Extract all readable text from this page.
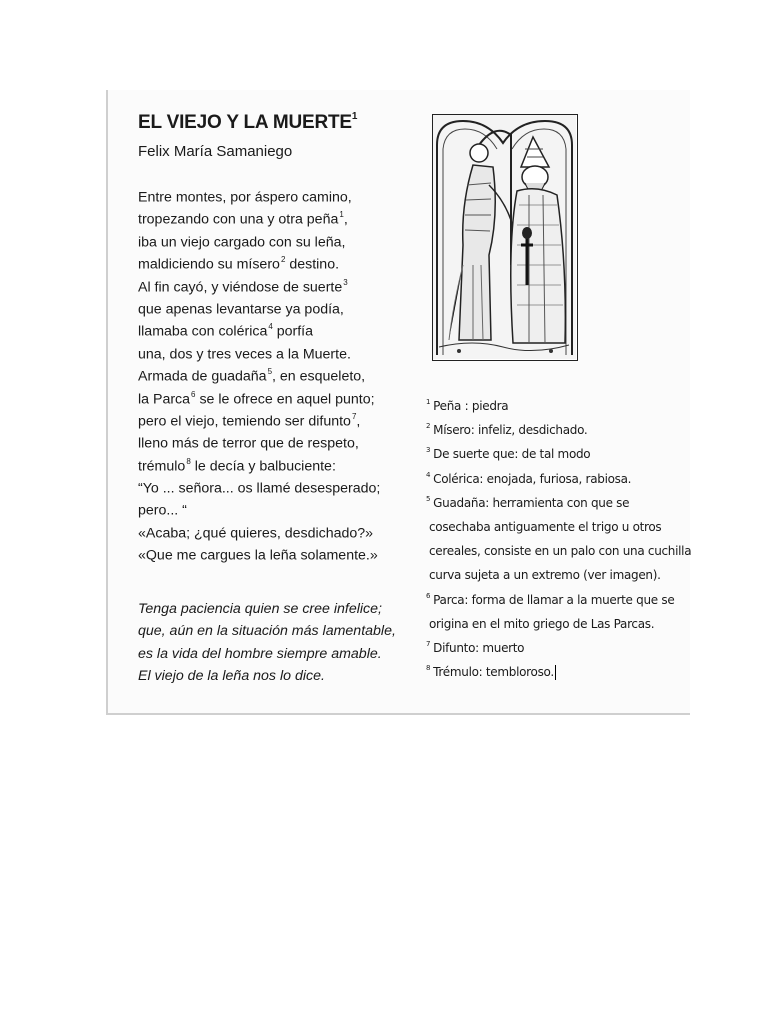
EL VIEJO Y LA MUERTE$^1$
Felix María Samaniego
Entre montes, por áspero camino,
tropezando con una y otra peña$^1$,
iba un viejo cargado con su leña,
maldiciendo su mísero$^2$ destino.
Al fin cayó, y viéndose de suerte$^3$
que apenas levantarse ya podía,
llamaba con colérica$^4$ porfía
una, dos y tres veces a la Muerte.
Armada de guadaña$^5$, en esqueleto,
la Parca$^6$ se le ofrece en aquel punto;
pero el viejo, temiendo ser difunto$^7$,
lleno más de terror que de respeto,
trémulo$^8$ le decía y balbuciente:
“Yo ... señora... os llamé desesperado;
pero... “
«Acaba; ¿qué quieres, desdichado?»
«Que me cargues la leña solamente.»
Tenga paciencia quien se cree infelice;
que, aún en la situación más lamentable,
es la vida del hombre siempre amable.
El viejo de la leña nos lo dice.
$^1$ Peña : piedra
$^2$ Mísero: infeliz, desdichado.
$^3$ De suerte que: de tal modo
$^4$ Colérica: enojada, furiosa, rabiosa.
$^5$ Guadaña: herramienta con que se
cosechaba antiguamente el trigo u otros
cereales, consiste en un palo con una cuchilla
curva sujeta a un extremo (ver imagen).
$^6$ Parca: forma de llamar a la muerte que se
origina en el mito griego de Las Parcas.
$^7$ Difunto: muerto
$^8$ Trémulo: tembloroso.
